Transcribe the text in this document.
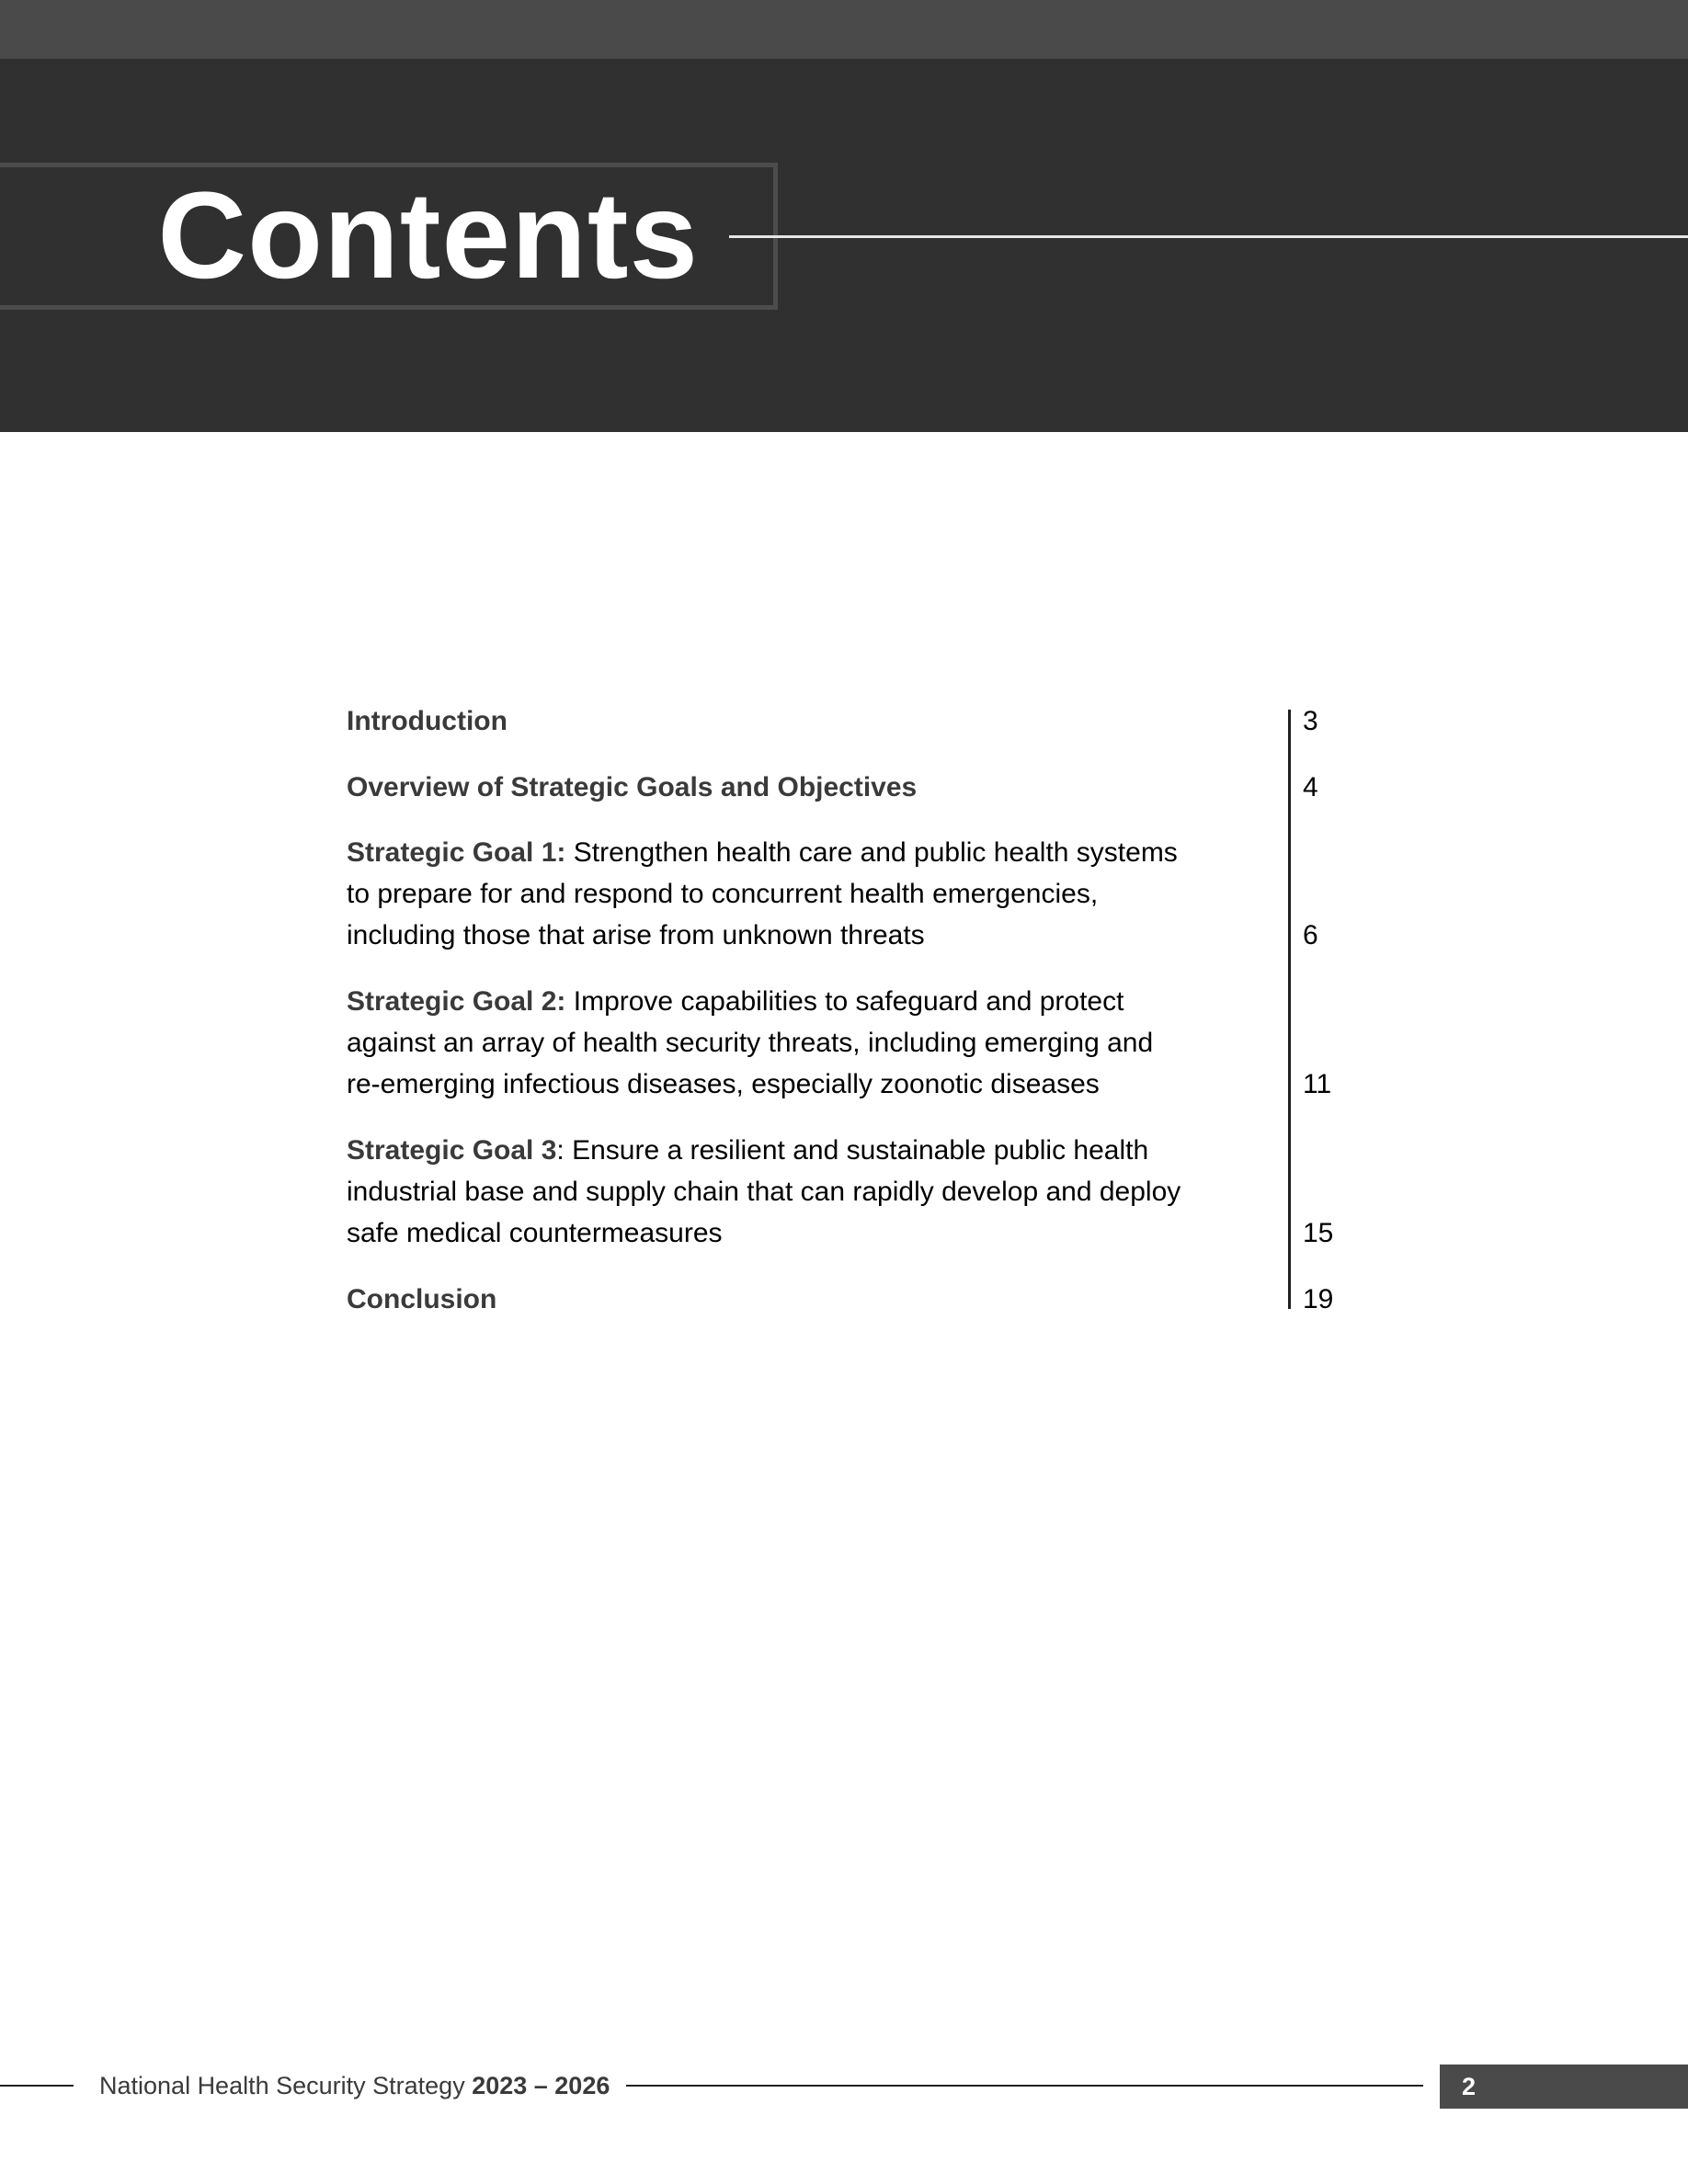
Contents
Introduction	3
Overview of Strategic Goals and Objectives	4
Strategic Goal 1: Strengthen health care and public health systems to prepare for and respond to concurrent health emergencies, including those that arise from unknown threats	6
Strategic Goal 2: Improve capabilities to safeguard and protect against an array of health security threats, including emerging and re-emerging infectious diseases, especially zoonotic diseases	11
Strategic Goal 3: Ensure a resilient and sustainable public health industrial base and supply chain that can rapidly develop and deploy safe medical countermeasures	15
Conclusion	19
National Health Security Strategy 2023 – 2026	2
